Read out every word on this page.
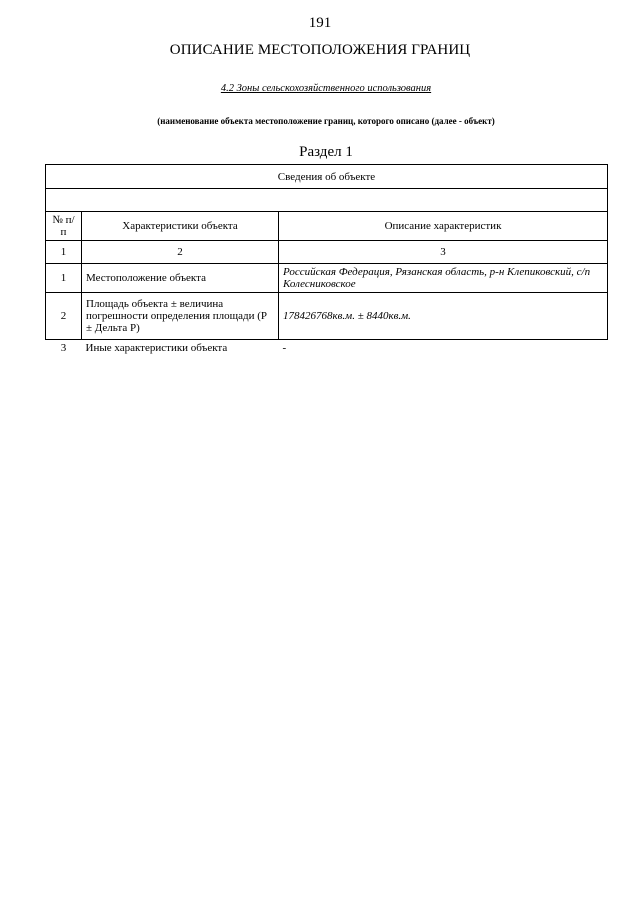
191
ОПИСАНИЕ МЕСТОПОЛОЖЕНИЯ ГРАНИЦ
4.2 Зоны сельскохозяйственного использования
(наименование объекта местоположение границ, которого описано (далее - объект)
Раздел 1
Сведения об объекте		

№ п/п	Характеристики объекта	Описание характеристик
1	2	3
1	Местоположение объекта	Российская Федерация, Рязанская область, р-н Клепиковский, с/п Колесниковское
2	Площадь объекта ± величина погрешности определения площади (Р ± Дельта Р)	178426768кв.м. ± 8440кв.м.
3	Иные характеристики объекта	-
